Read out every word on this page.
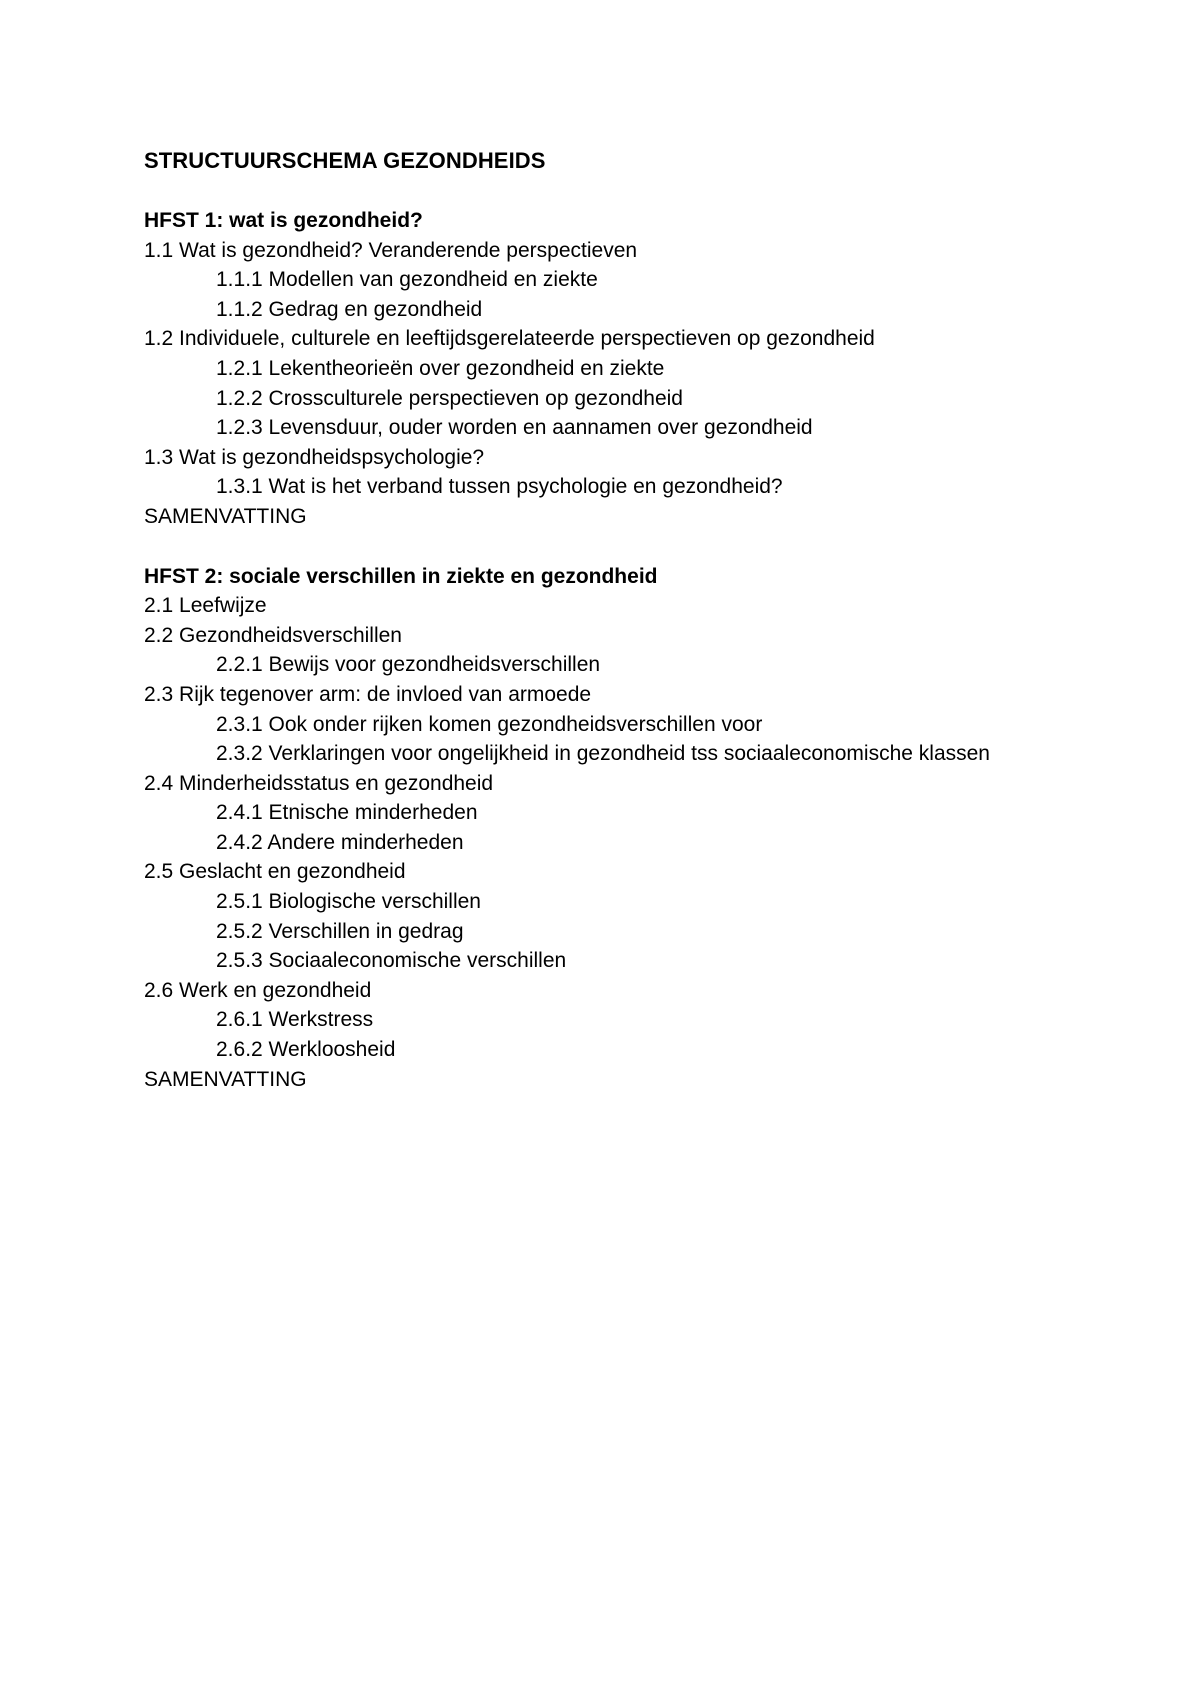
STRUCTUURSCHEMA GEZONDHEIDS
HFST 1: wat is gezondheid?
1.1 Wat is gezondheid? Veranderende perspectieven
1.1.1 Modellen van gezondheid en ziekte
1.1.2 Gedrag en gezondheid
1.2 Individuele, culturele en leeftijdsgerelateerde perspectieven op gezondheid
1.2.1 Lekentheorieën over gezondheid en ziekte
1.2.2 Crossculturele perspectieven op gezondheid
1.2.3 Levensduur, ouder worden en aannamen over gezondheid
1.3 Wat is gezondheidspsychologie?
1.3.1 Wat is het verband tussen psychologie en gezondheid?
SAMENVATTING
HFST 2: sociale verschillen in ziekte en gezondheid
2.1 Leefwijze
2.2 Gezondheidsverschillen
2.2.1 Bewijs voor gezondheidsverschillen
2.3 Rijk tegenover arm: de invloed van armoede
2.3.1 Ook onder rijken komen gezondheidsverschillen voor
2.3.2 Verklaringen voor ongelijkheid in gezondheid tss sociaaleconomische klassen
2.4 Minderheidsstatus en gezondheid
2.4.1 Etnische minderheden
2.4.2 Andere minderheden
2.5 Geslacht en gezondheid
2.5.1 Biologische verschillen
2.5.2 Verschillen in gedrag
2.5.3 Sociaaleconomische verschillen
2.6 Werk en gezondheid
2.6.1 Werkstress
2.6.2 Werkloosheid
SAMENVATTING
